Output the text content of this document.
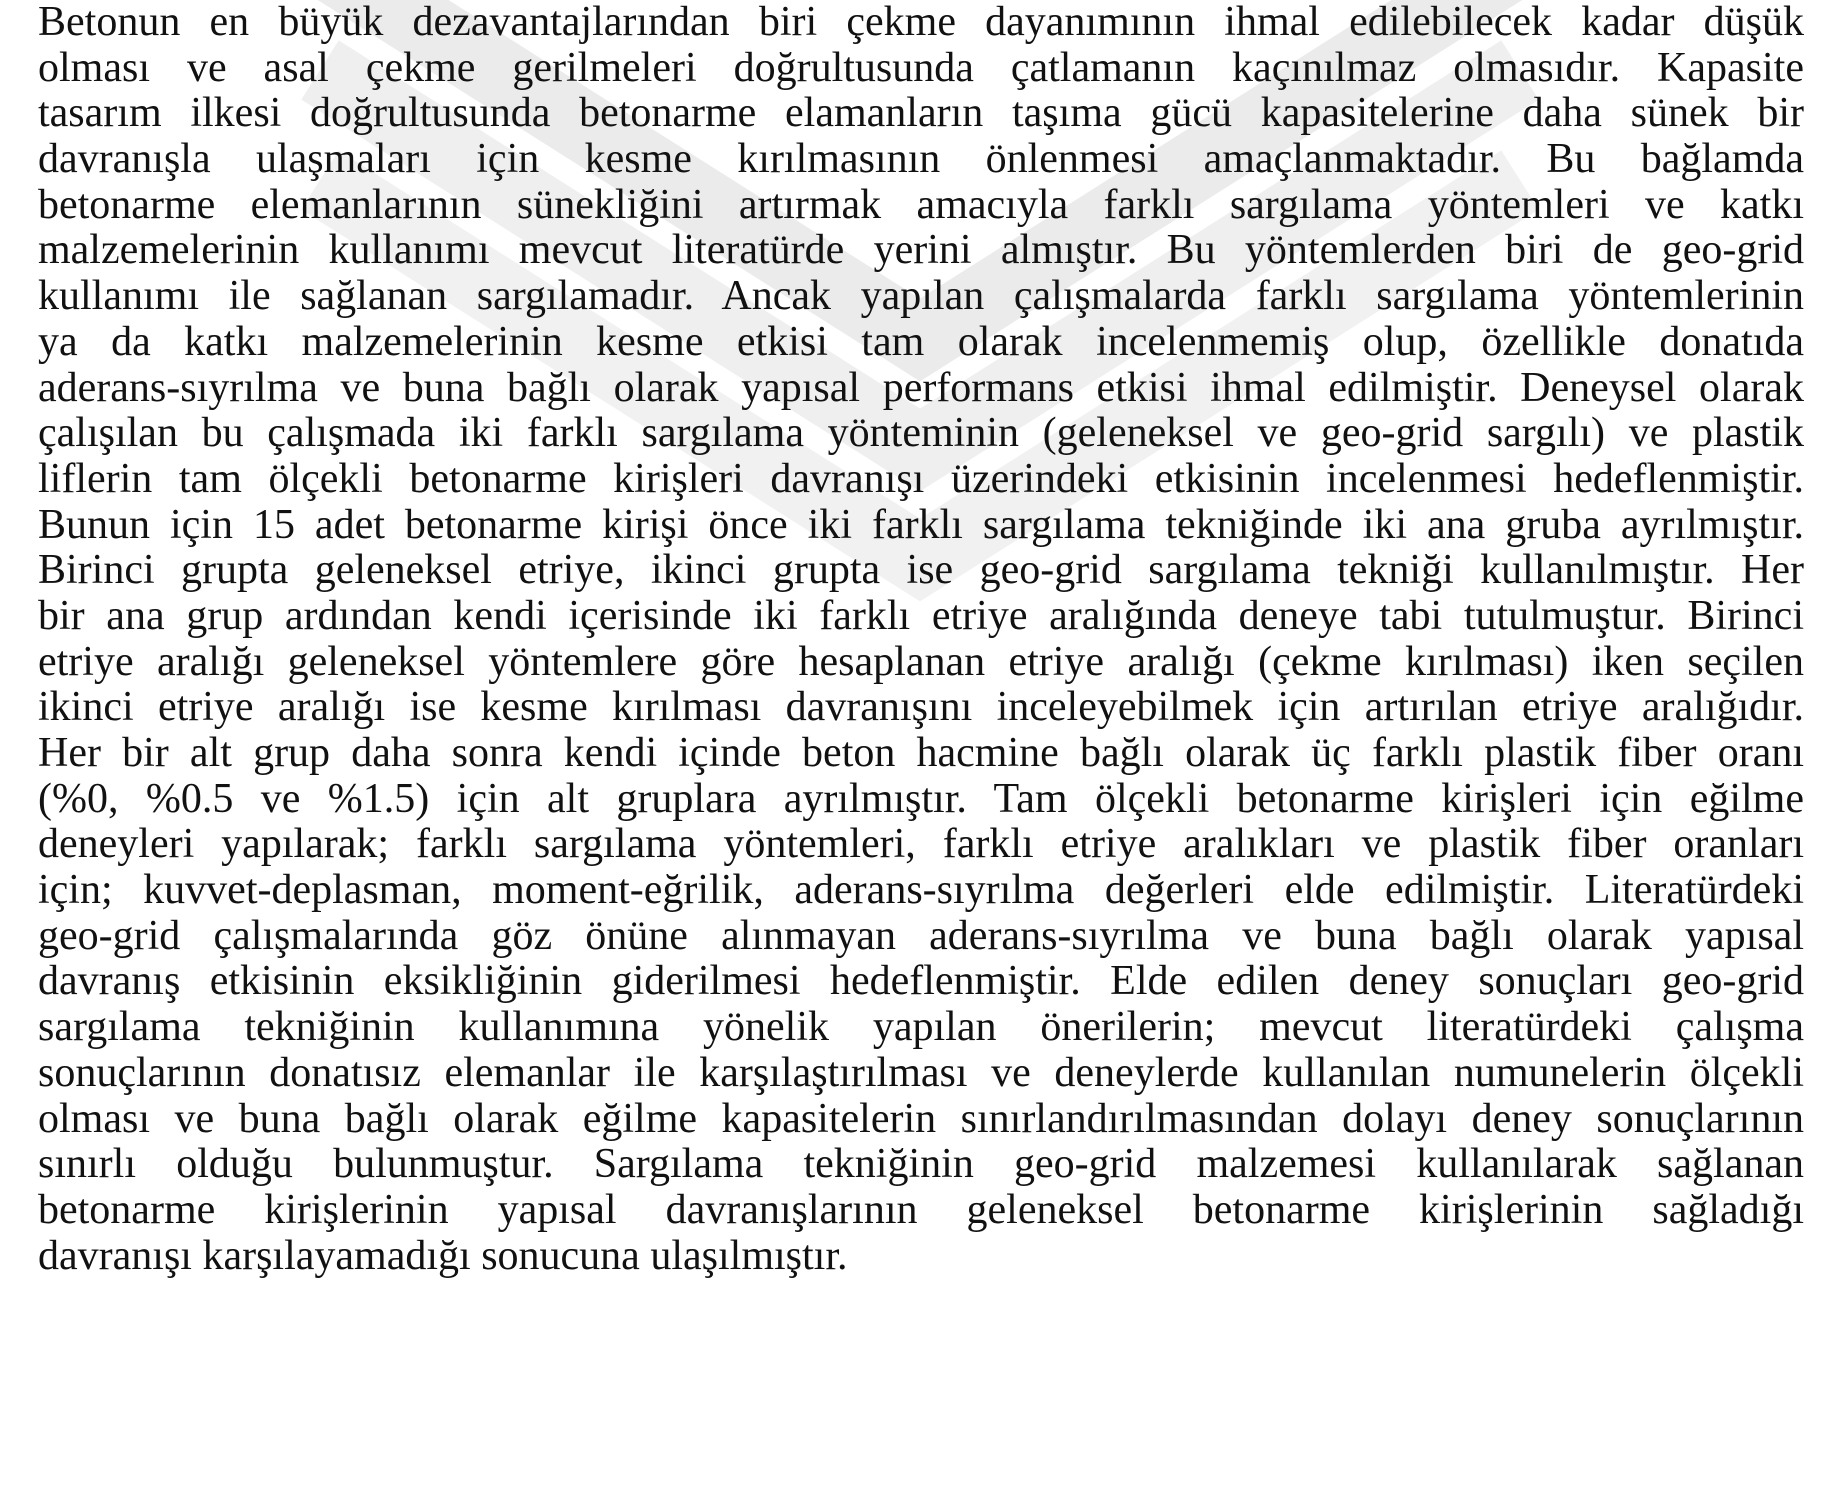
Betonun en büyük dezavantajlarından biri çekme dayanımının ihmal edilebilecek kadar düşük
olması ve asal çekme gerilmeleri doğrultusunda çatlamanın kaçınılmaz olmasıdır. Kapasite
tasarım ilkesi doğrultusunda betonarme elamanların taşıma gücü kapasitelerine daha sünek bir
davranışla ulaşmaları için kesme kırılmasının önlenmesi amaçlanmaktadır. Bu bağlamda
betonarme elemanlarının sünekliğini artırmak amacıyla farklı sargılama yöntemleri ve katkı
malzemelerinin kullanımı mevcut literatürde yerini almıştır. Bu yöntemlerden biri de geo-grid
kullanımı ile sağlanan sargılamadır. Ancak yapılan çalışmalarda farklı sargılama yöntemlerinin
ya da katkı malzemelerinin kesme etkisi tam olarak incelenmemiş olup, özellikle donatıda
aderans-sıyrılma ve buna bağlı olarak yapısal performans etkisi ihmal edilmiştir. Deneysel olarak
çalışılan bu çalışmada iki farklı sargılama yönteminin (geleneksel ve geo-grid sargılı) ve plastik
liflerin tam ölçekli betonarme kirişleri davranışı üzerindeki etkisinin incelenmesi hedeflenmiştir.
Bunun için 15 adet betonarme kirişi önce iki farklı sargılama tekniğinde iki ana gruba ayrılmıştır.
Birinci grupta geleneksel etriye, ikinci grupta ise geo-grid sargılama tekniği kullanılmıştır. Her
bir ana grup ardından kendi içerisinde iki farklı etriye aralığında deneye tabi tutulmuştur. Birinci
etriye aralığı geleneksel yöntemlere göre hesaplanan etriye aralığı (çekme kırılması) iken seçilen
ikinci etriye aralığı ise kesme kırılması davranışını inceleyebilmek için artırılan etriye aralığıdır.
Her bir alt grup daha sonra kendi içinde beton hacmine bağlı olarak üç farklı plastik fiber oranı
(%0, %0.5 ve %1.5) için alt gruplara ayrılmıştır. Tam ölçekli betonarme kirişleri için eğilme
deneyleri yapılarak; farklı sargılama yöntemleri, farklı etriye aralıkları ve plastik fiber oranları
için; kuvvet-deplasman, moment-eğrilik, aderans-sıyrılma değerleri elde edilmiştir. Literatürdeki
geo-grid çalışmalarında göz önüne alınmayan aderans-sıyrılma ve buna bağlı olarak yapısal
davranış etkisinin eksikliğinin giderilmesi hedeflenmiştir. Elde edilen deney sonuçları geo-grid
sargılama tekniğinin kullanımına yönelik yapılan önerilerin; mevcut literatürdeki çalışma
sonuçlarının donatısız elemanlar ile karşılaştırılması ve deneylerde kullanılan numunelerin ölçekli
olması ve buna bağlı olarak eğilme kapasitelerin sınırlandırılmasından dolayı deney sonuçlarının
sınırlı olduğu bulunmuştur. Sargılama tekniğinin geo-grid malzemesi kullanılarak sağlanan
betonarme kirişlerinin yapısal davranışlarının geleneksel betonarme kirişlerinin sağladığı
davranışı karşılayamadığı sonucuna ulaşılmıştır.
